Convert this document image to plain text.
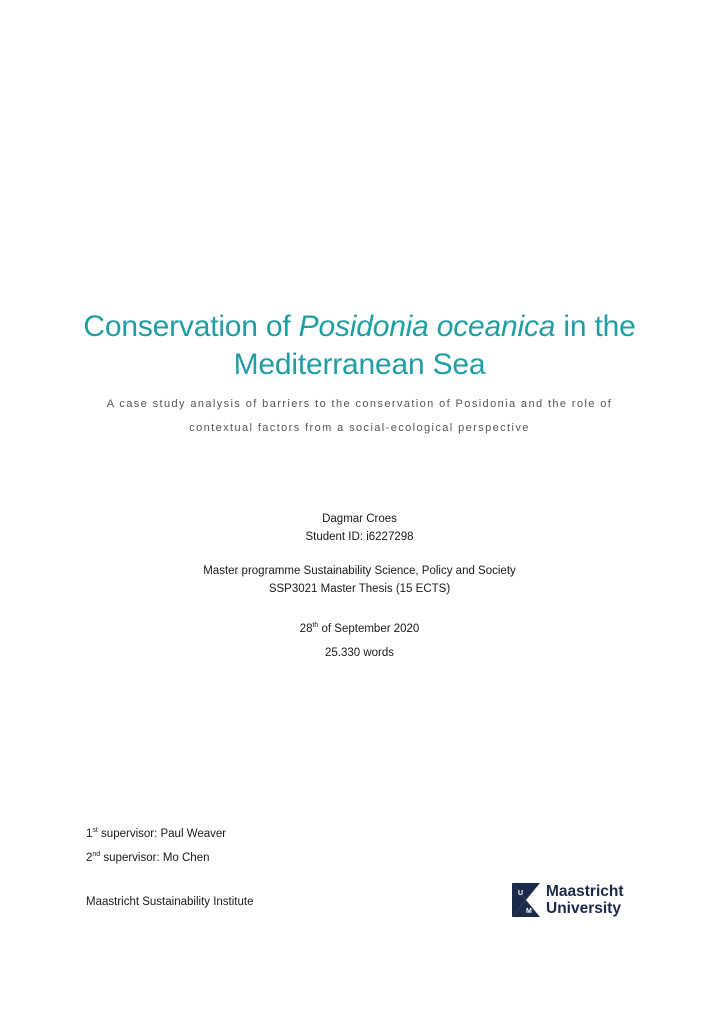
Conservation of Posidonia oceanica in the
Mediterranean Sea
A case study analysis of barriers to the conservation of Posidonia and the role of contextual factors from a social-ecological perspective
Dagmar Croes
Student ID: i6227298
Master programme Sustainability Science, Policy and Society
SSP3021 Master Thesis (15 ECTS)
28th of September 2020
25.330 words
1st supervisor: Paul Weaver
2nd supervisor: Mo Chen
Maastricht Sustainability Institute
U
M
Maastricht
University
